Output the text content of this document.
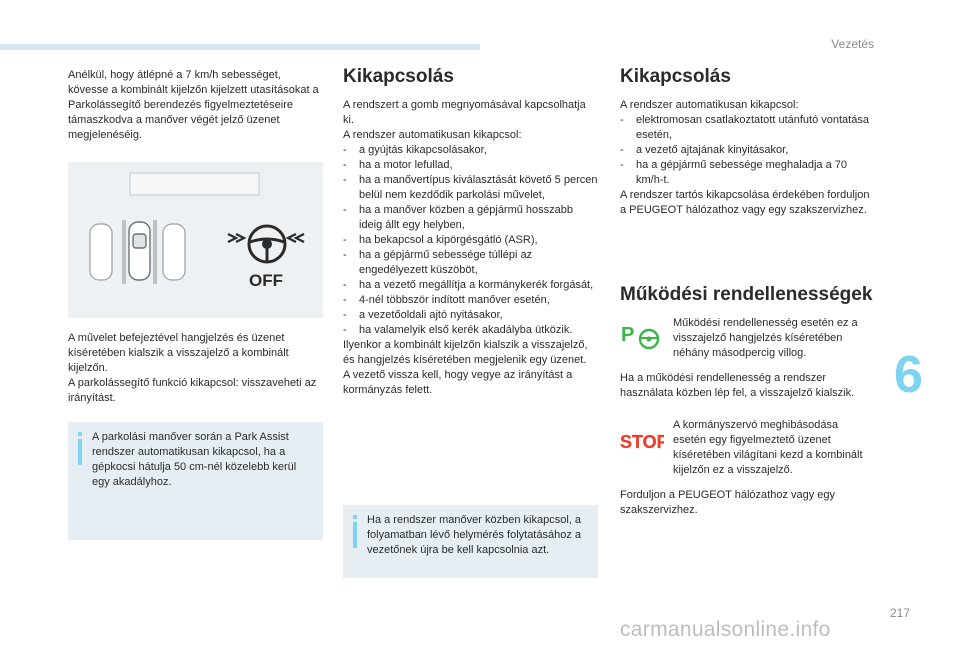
Vezetés

Anélkül, hogy átlépné a 7 km/h sebességet, kövesse a kombinált kijelzőn kijelzett utasításokat a Parkolássegítő berendezés figyelmeztetéseire támaszkodva a manőver végét jelző üzenet megjelenéséig.

OFF

A művelet befejeztével hangjelzés és üzenet kíséretében kialszik a visszajelző a kombinált kijelzőn.

A parkolássegítő funkció kikapcsol: visszaveheti az irányítást.

A parkolási manőver során a Park Assist rendszer automatikusan kikapcsol, ha a gépkocsi hátulja 50 cm-nél közelebb kerül egy akadályhoz.

Kikapcsolás

A rendszert a gomb megnyomásával kapcsolhatja ki.

A rendszer automatikusan kikapcsol:

- a gyújtás kikapcsolásakor,
- ha a motor lefullad,
- ha a manővertípus kiválasztását követő 5 percen belül nem kezdődik parkolási művelet,
- ha a manőver közben a gépjármű hosszabb ideig állt egy helyben,
- ha bekapcsol a kipörgésgátló (ASR),
- ha a gépjármű sebessége túllépi az engedélyezett küszöböt,
- ha a vezető megállítja a kormánykerék forgását,
- 4-nél többször indított manőver esetén,
- a vezetőoldali ajtó nyitásakor,
- ha valamelyik első kerék akadályba ütközik.

Ilyenkor a kombinált kijelzőn kialszik a visszajelző, és hangjelzés kíséretében megjelenik egy üzenet.

A vezető vissza kell, hogy vegye az irányítást a kormányzás felett.

Ha a rendszer manőver közben kikapcsol, a folyamatban lévő helymérés folytatásához a vezetőnek újra be kell kapcsolnia azt.

Kikapcsolás

A rendszer automatikusan kikapcsol:

- elektromosan csatlakoztatott utánfutó vontatása esetén,
- a vezető ajtajának kinyitásakor,
- ha a gépjármű sebessége meghaladja a 70 km/h-t.

A rendszer tartós kikapcsolása érdekében forduljon a PEUGEOT hálózathoz vagy egy szakszervizhez.

Működési rendellenességek
P
Működési rendellenesség esetén ez a visszajelző hangjelzés kíséretében néhány másodpercig villog.
Ha a működési rendellenesség a rendszer használata közben lép fel, a visszajelző kialszik.
STOP
A kormányszervó meghibásodása esetén egy figyelmeztető üzenet kíséretében világítani kezd a kombinált kijelzőn ez a visszajelző.
Forduljon a PEUGEOT hálózathoz vagy egy szakszervizhez.
6
217
carmanualsonline.info
